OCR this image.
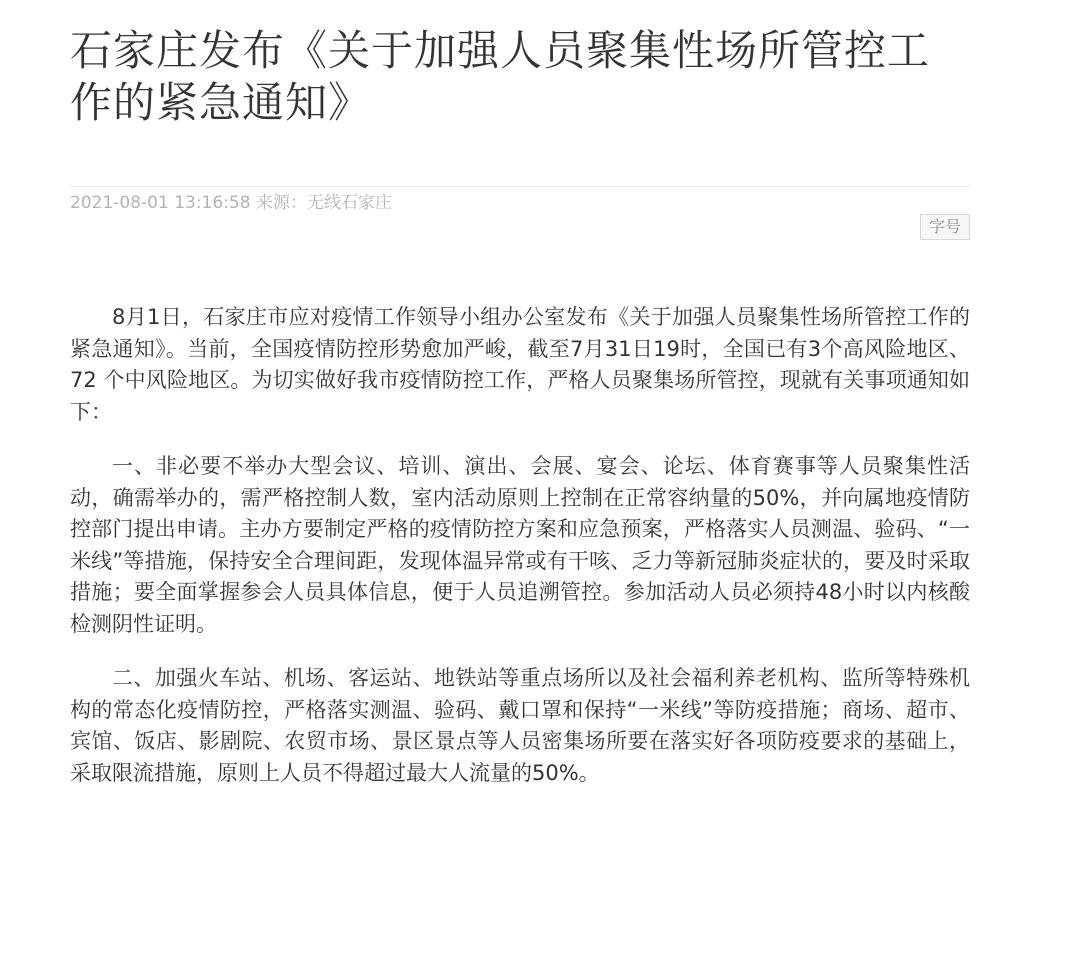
石家庄发布《关于加强人员聚集性场所管控工作的紧急通知》
2021-08-01 13:16:58 来源：无线石家庄
字号

8月1日，石家庄市应对疫情工作领导小组办公室发布《关于加强人员聚集性场所管控工作的紧急通知》。当前，全国疫情防控形势愈加严峻，截至7月31日19时，全国已有3个高风险地区、72 个中风险地区。为切实做好我市疫情防控工作，严格人员聚集场所管控，现就有关事项通知如下：

一、非必要不举办大型会议、培训、演出、会展、宴会、论坛、体育赛事等人员聚集性活动，确需举办的，需严格控制人数，室内活动原则上控制在正常容纳量的50%，并向属地疫情防控部门提出申请。主办方要制定严格的疫情防控方案和应急预案，严格落实人员测温、验码、“一米线”等措施，保持安全合理间距，发现体温异常或有干咳、乏力等新冠肺炎症状的，要及时采取措施；要全面掌握参会人员具体信息，便于人员追溯管控。参加活动人员必须持48小时以内核酸检测阴性证明。

二、加强火车站、机场、客运站、地铁站等重点场所以及社会福利养老机构、监所等特殊机构的常态化疫情防控，严格落实测温、验码、戴口罩和保持“一米线”等防疫措施；商场、超市、宾馆、饭店、影剧院、农贸市场、景区景点等人员密集场所要在落实好各项防疫要求的基础上，采取限流措施，原则上人员不得超过最大人流量的50%。
